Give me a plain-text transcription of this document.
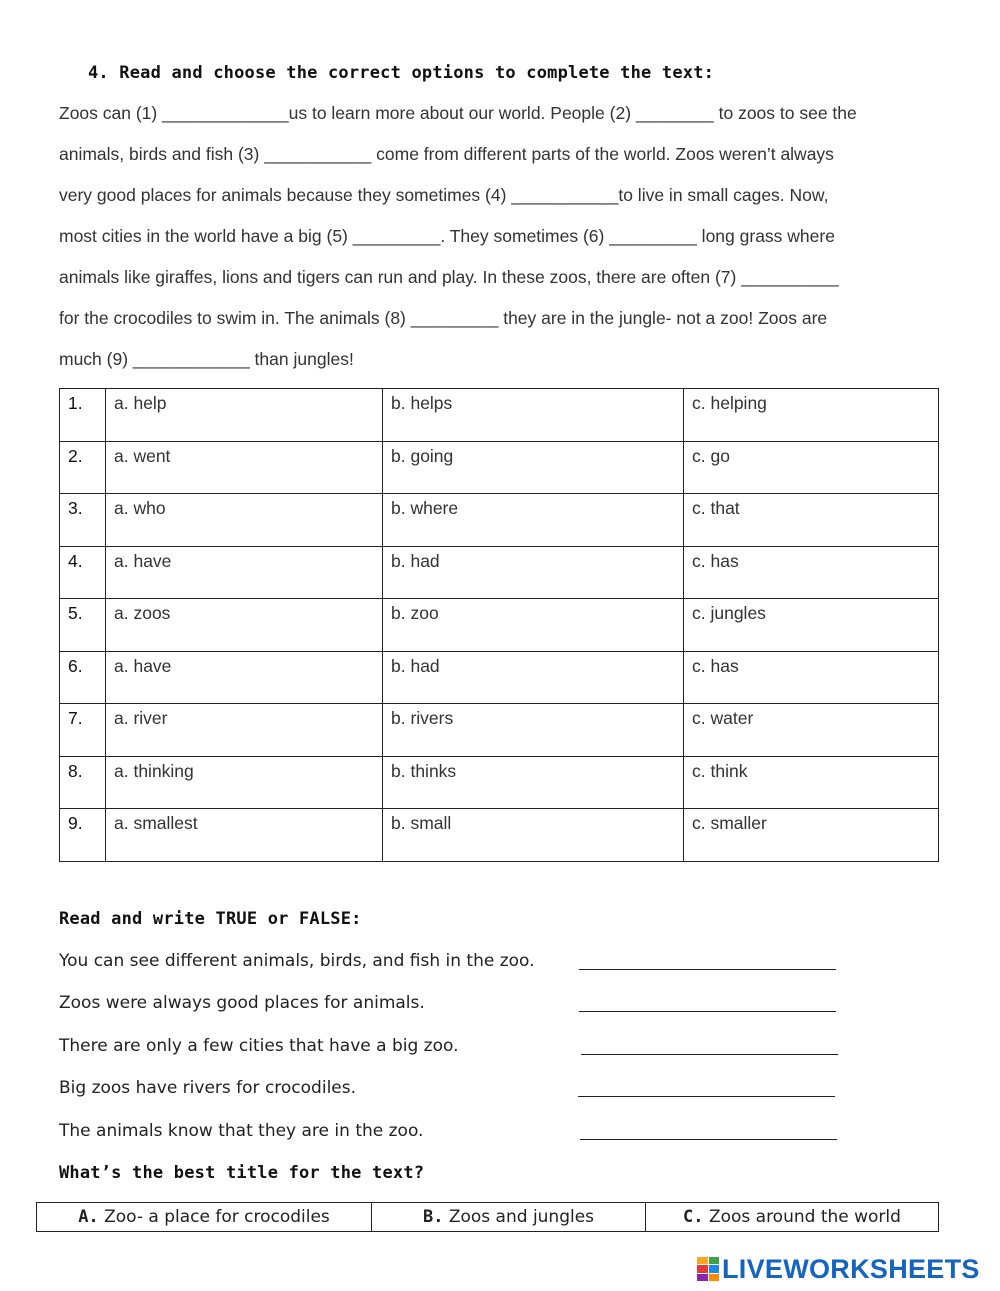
4. Read and choose the correct options to complete the text:
Zoos can (1) _____________us to learn more about our world. People (2) ________ to zoos to see the
animals, birds and fish (3) ___________ come from different parts of the world. Zoos weren’t always
very good places for animals because they sometimes (4) ___________to live in small cages. Now,
most cities in the world have a big (5) _________. They sometimes (6) _________ long grass where
animals like giraffes, lions and tigers can run and play. In these zoos, there are often (7) __________
for the crocodiles to swim in. The animals (8) _________ they are in the jungle- not a zoo! Zoos are
much (9) ____________ than jungles!
1.	a. help	b. helps	c. helping
2.	a. went	b. going	c. go
3.	a. who	b. where	c. that
4.	a. have	b. had	c. has
5.	a. zoos	b. zoo	c. jungles
6.	a. have	b. had	c. has
7.	a. river	b. rivers	c. water
8.	a. thinking	b. thinks	c. think
9.	a. smallest	b. small	c. smaller
Read and write TRUE or FALSE:
You can see different animals, birds, and fish in the zoo.
Zoos were always good places for animals.
There are only a few cities that have a big zoo.
Big zoos have rivers for crocodiles.
The animals know that they are in the zoo.
What’s the best title for the text?
A. Zoo- a place for crocodiles	B. Zoos and jungles	C. Zoos around the world
LIVEWORKSHEETS
